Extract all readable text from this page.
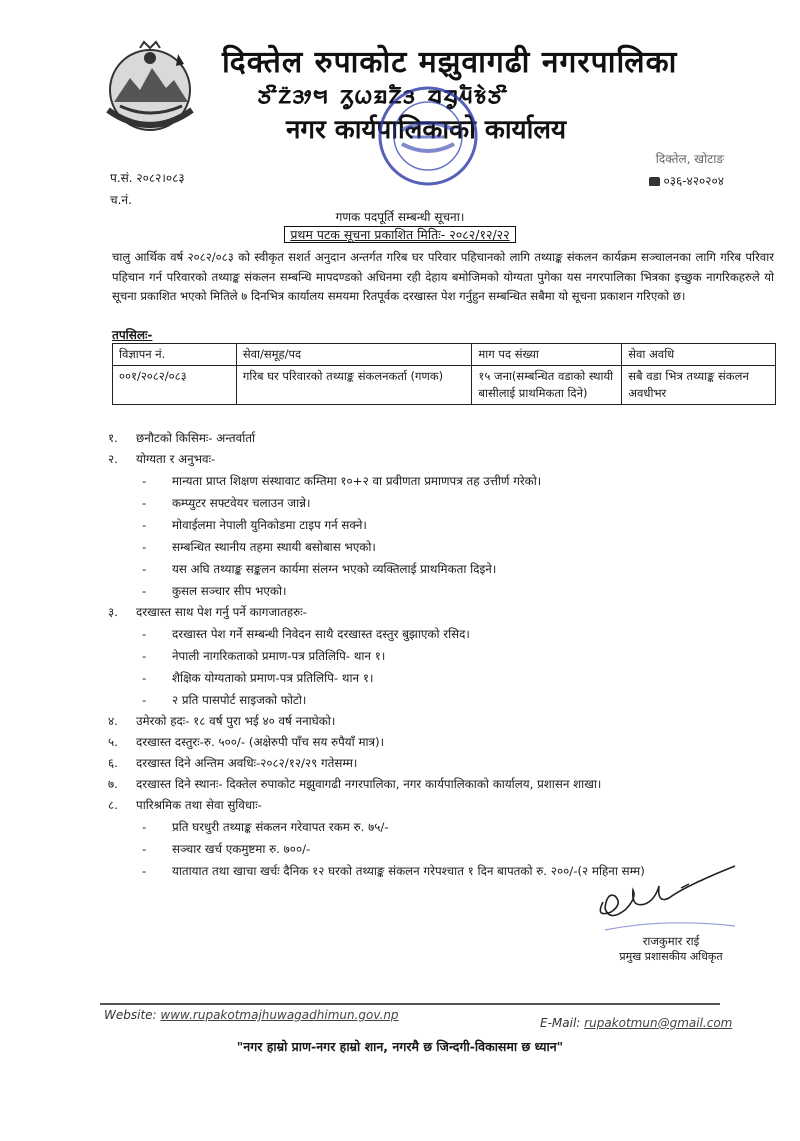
दिक्तेल रुपाकोट मझुवागढी नगरपालिका
ᤍᤡᤁ᤺ᤋᤣᤗ ᤖᤢᤐᤀᤁᤠᤋ ᤔᤔᤢᤘᤠᤃᤧᤍᤡ
नगर कार्यपालिकाको कार्यालय
प.सं. २०८२।०८३
च.नं.
दिक्तेल, खोटाङ
०३६-४२०२०४
गणक पदपूर्ति सम्बन्धी सूचना।
प्रथम पटक सूचना प्रकाशित मितिः- २०८२/१२/२२

चालु आर्थिक वर्ष २०८२/०८३ को स्वीकृत सशर्त अनुदान अन्तर्गत गरिब घर परिवार पहिचानको लागि तथ्याङ्क संकलन कार्यक्रम सञ्चालनका लागि गरिब परिवार पहिचान गर्न परिवारको तथ्याङ्क संकलन सम्बन्धि मापदण्डको अधिनमा रही देहाय बमोजिमको योग्यता पुगेका यस नगरपालिका भित्रका इच्छुक नागरिकहरुले यो सूचना प्रकाशित भएको मितिले ७ दिनभित्र कार्यालय समयमा रितपूर्वक दरखास्त पेश गर्नुहुन सम्बन्धित सबैमा यो सूचना प्रकाशन गरिएको छ।

तपसिलः-
विज्ञापन नं.	सेवा/समूह/पद	माग पद संख्या	सेवा अवधि
००१/२०८२/०८३	गरिब घर परिवारको तथ्याङ्क संकलनकर्ता (गणक)	१५ जना(सम्बन्धित वडाको स्थायी बासीलाई प्राथमिकता दिने)	सबै वडा भित्र तथ्याङ्क संकलन अवधीभर
१. छनौटको किसिमः- अन्तर्वार्ता
२. योग्यता र अनुभवः-
- मान्यता प्राप्त शिक्षण संस्थावाट कम्तिमा १०+२ वा प्रवीणता प्रमाणपत्र तह उत्तीर्ण गरेको।
- कम्प्युटर सफ्टवेयर चलाउन जान्ने।
- मोवाईलमा नेपाली युनिकोडमा टाइप गर्न सक्ने।
- सम्बन्धित स्थानीय तहमा स्थायी बसोबास भएको।
- यस अघि तथ्याङ्क सङ्कलन कार्यमा संलग्न भएको व्यक्तिलाई प्राथमिकता दिइने।
- कुसल सञ्चार सीप भएको।
३. दरखास्त साथ पेश गर्नु पर्ने कागजातहरुः-
- दरखास्त पेश गर्ने सम्बन्धी निवेदन साथै दरखास्त दस्तुर बुझाएको रसिद।
- नेपाली नागरिकताको प्रमाण-पत्र प्रतिलिपि- थान १।
- शैक्षिक योग्यताको प्रमाण-पत्र प्रतिलिपि- थान १।
- २ प्रति पासपोर्ट साइजको फोटो।
४. उमेरको हदः- १८ वर्ष पुरा भई ४० वर्ष ननाघेको।
५. दरखास्त दस्तुरः-रु. ५००/- (अक्षेरुपी पाँच सय रुपैयाँ मात्र)।
६. दरखास्त दिने अन्तिम अवधिः-२०८२/१२/२९ गतेसम्म।
७. दरखास्त दिने स्थानः- दिक्तेल रुपाकोट मझुवागढी नगरपालिका, नगर कार्यपालिकाको कार्यालय, प्रशासन शाखा।
८. पारिश्रमिक तथा सेवा सुविधाः-
- प्रति घरधुरी तथ्याङ्क संकलन गरेवापत रकम रु. ७५/-
- सञ्चार खर्च एकमुष्टमा रु. ७००/-
- यातायात तथा खाचा खर्चः दैनिक १२ घरको तथ्याङ्क संकलन गरेपश्चात १ दिन बापतको रु. २००/-(२ महिना सम्म)
राजकुमार राई
प्रमुख प्रशासकीय अधिकृत
Website: www.rupakotmajhuwagadhimun.gov.np
E-Mail: rupakotmun@gmail.com
"नगर हाम्रो प्राण-नगर हाम्रो शान, नगरमै छ जिन्दगी-विकासमा छ ध्यान"
